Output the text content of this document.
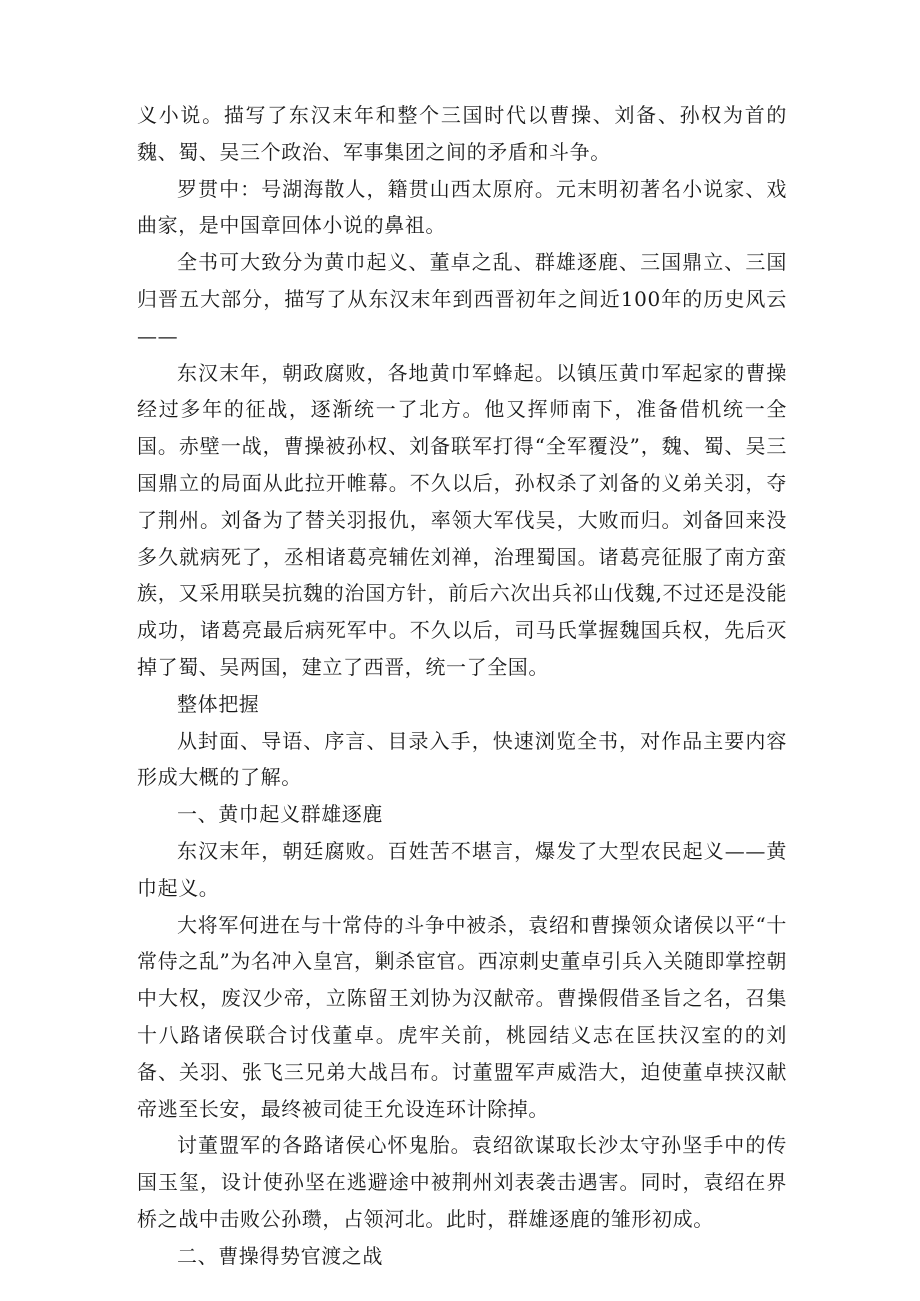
义小说。描写了东汉末年和整个三国时代以曹操、刘备、孙权为首的魏、蜀、吴三个政治、军事集团之间的矛盾和斗争。

罗贯中：号湖海散人，籍贯山西太原府。元末明初著名小说家、戏曲家，是中国章回体小说的鼻祖。

全书可大致分为黄巾起义、董卓之乱、群雄逐鹿、三国鼎立、三国归晋五大部分，描写了从东汉末年到西晋初年之间近100年的历史风云——

东汉末年，朝政腐败，各地黄巾军蜂起。以镇压黄巾军起家的曹操经过多年的征战，逐渐统一了北方。他又挥师南下，准备借机统一全国。赤壁一战，曹操被孙权、刘备联军打得“全军覆没”，魏、蜀、吴三国鼎立的局面从此拉开帷幕。不久以后，孙权杀了刘备的义弟关羽，夺了荆州。刘备为了替关羽报仇，率领大军伐吴，大败而归。刘备回来没多久就病死了，丞相诸葛亮辅佐刘禅，治理蜀国。诸葛亮征服了南方蛮族，又采用联吴抗魏的治国方针，前后六次出兵祁山伐魏,不过还是没能成功，诸葛亮最后病死军中。不久以后，司马氏掌握魏国兵权，先后灭掉了蜀、吴两国，建立了西晋，统一了全国。

整体把握

从封面、导语、序言、目录入手，快速浏览全书，对作品主要内容形成大概的了解。

一、黄巾起义群雄逐鹿

东汉末年，朝廷腐败。百姓苦不堪言，爆发了大型农民起义——黄巾起义。

大将军何进在与十常侍的斗争中被杀，袁绍和曹操领众诸侯以平“十常侍之乱”为名冲入皇宫，剿杀宦官。西凉刺史董卓引兵入关随即掌控朝中大权，废汉少帝，立陈留王刘协为汉献帝。曹操假借圣旨之名，召集十八路诸侯联合讨伐董卓。虎牢关前，桃园结义志在匡扶汉室的的刘备、关羽、张飞三兄弟大战吕布。讨董盟军声威浩大，迫使董卓挟汉献帝逃至长安，最终被司徒王允设连环计除掉。

讨董盟军的各路诸侯心怀鬼胎。袁绍欲谋取长沙太守孙坚手中的传国玉玺，设计使孙坚在逃避途中被荆州刘表袭击遇害。同时，袁绍在界桥之战中击败公孙瓒，占领河北。此时，群雄逐鹿的雏形初成。

二、曹操得势官渡之战
